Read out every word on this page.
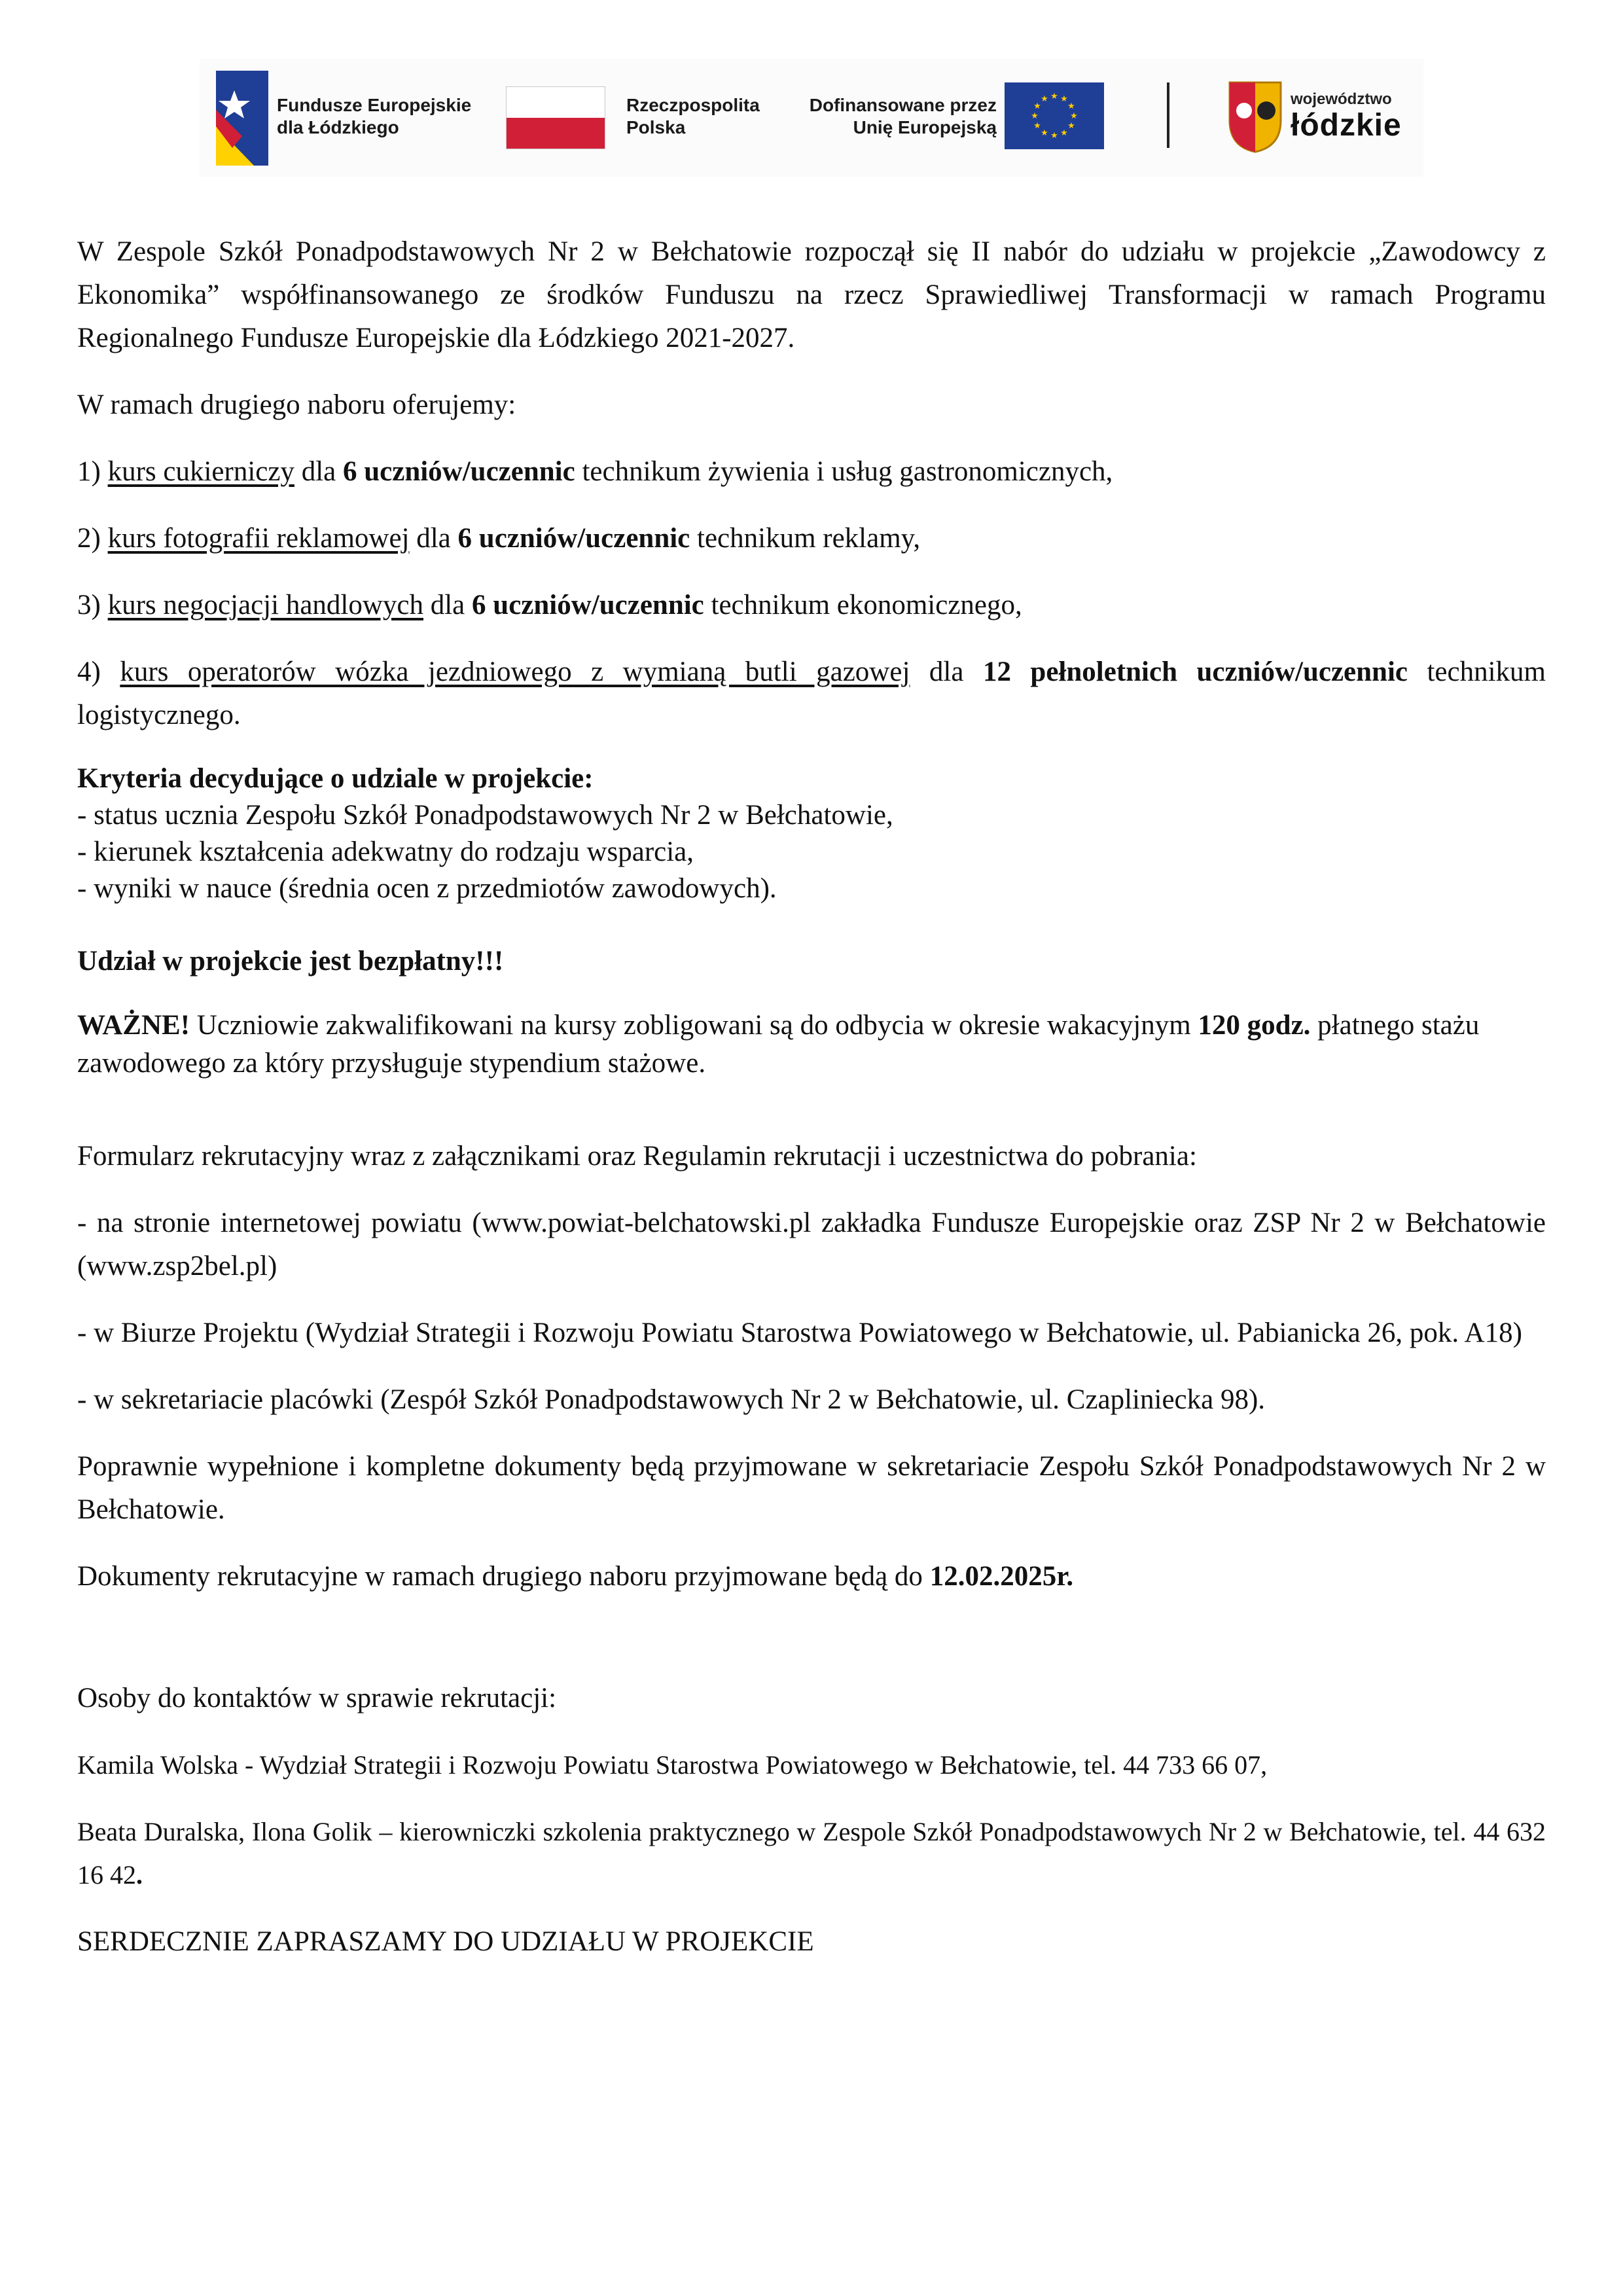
Fundusze Europejskie
dla Łódzkiego
Rzeczpospolita
Polska
Dofinansowane przez
Unię Europejską
★ ★
★
★
★
★
★
★
★
★
★
★	województwo
łódzkie

W Zespole Szkół Ponadpodstawowych Nr 2 w Bełchatowie rozpoczął się II nabór do udziału w projekcie „Zawodowcy z Ekonomika” współfinansowanego ze środków Funduszu na rzecz Sprawiedliwej Transformacji w ramach Programu Regionalnego Fundusze Europejskie dla Łódzkiego 2021-2027.

W ramach drugiego naboru oferujemy:

1) kurs cukierniczy dla 6 uczniów/uczennic technikum żywienia i usług gastronomicznych,

2) kurs fotografii reklamowej dla 6 uczniów/uczennic technikum reklamy,

3) kurs negocjacji handlowych dla 6 uczniów/uczennic technikum ekonomicznego,

4) kurs operatorów wózka jezdniowego z wymianą butli gazowej dla 12 pełnoletnich uczniów/uczennic technikum logistycznego.

Kryteria decydujące o udziale w projekcie:
- status ucznia Zespołu Szkół Ponadpodstawowych Nr 2 w Bełchatowie,
- kierunek kształcenia adekwatny do rodzaju wsparcia,
- wyniki w nauce (średnia ocen z przedmiotów zawodowych).

Udział w projekcie jest bezpłatny!!!

WAŻNE! Uczniowie zakwalifikowani na kursy zobligowani są do odbycia w okresie wakacyjnym 120 godz. płatnego stażu zawodowego za który przysługuje stypendium stażowe.

Formularz rekrutacyjny wraz z załącznikami oraz Regulamin rekrutacji i uczestnictwa do pobrania:

- na stronie internetowej powiatu (www.powiat-belchatowski.pl zakładka Fundusze Europejskie oraz ZSP Nr 2 w Bełchatowie (www.zsp2bel.pl)

- w Biurze Projektu (Wydział Strategii i Rozwoju Powiatu Starostwa Powiatowego w Bełchatowie, ul. Pabianicka 26, pok. A18)

- w sekretariacie placówki (Zespół Szkół Ponadpodstawowych Nr 2 w Bełchatowie, ul. Czapliniecka 98).

Poprawnie wypełnione i kompletne dokumenty będą przyjmowane w sekretariacie Zespołu Szkół Ponadpodstawowych Nr 2 w Bełchatowie.

Dokumenty rekrutacyjne w ramach drugiego naboru przyjmowane będą do 12.02.2025r.

Osoby do kontaktów w sprawie rekrutacji:

Kamila Wolska - Wydział Strategii i Rozwoju Powiatu Starostwa Powiatowego w Bełchatowie, tel. 44 733 66 07,

Beata Duralska, Ilona Golik – kierowniczki szkolenia praktycznego w Zespole Szkół Ponadpodstawowych Nr 2 w Bełchatowie, tel. 44 632 16 42.

SERDECZNIE ZAPRASZAMY DO UDZIAŁU W PROJEKCIE
